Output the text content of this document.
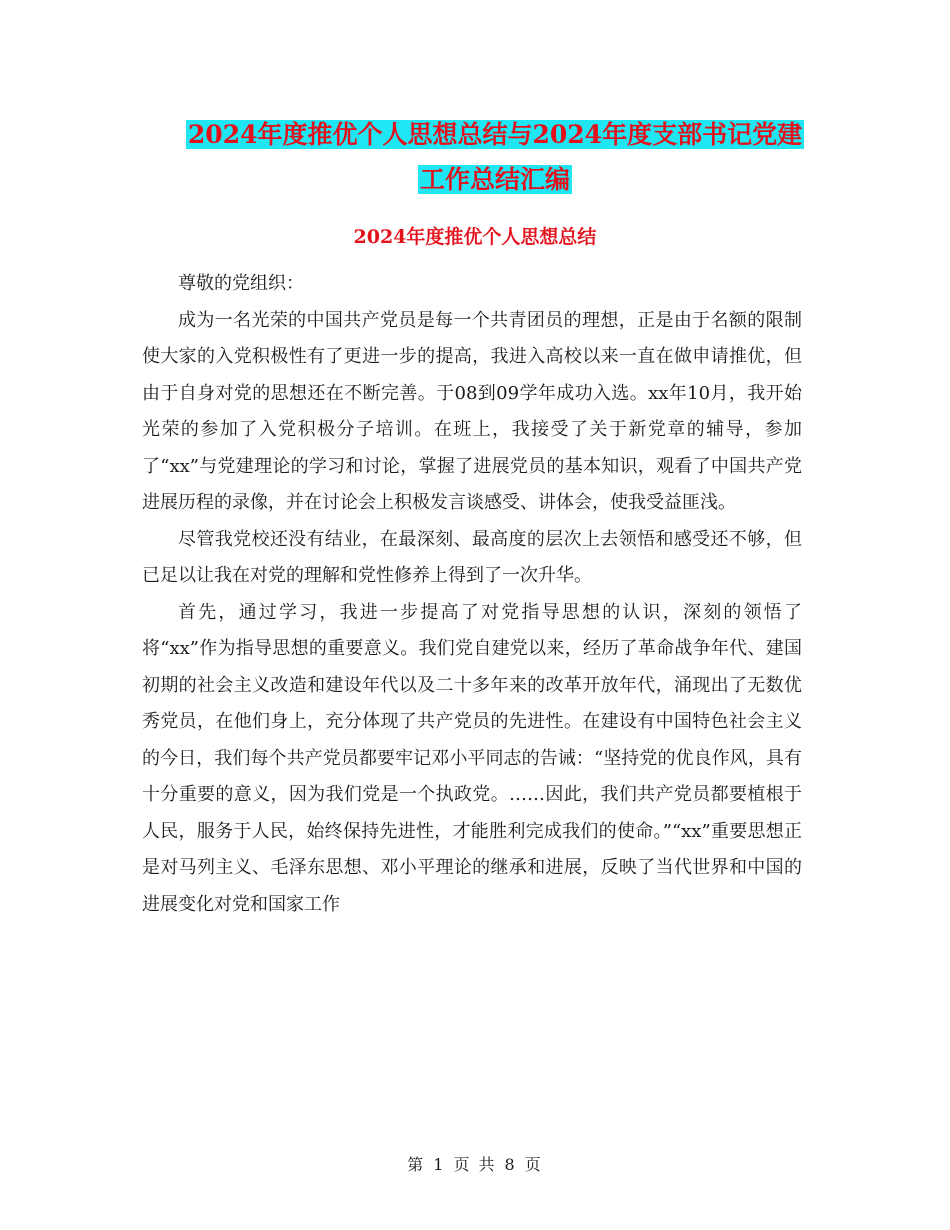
2024年度推优个人思想总结与2024年度支部书记党建
工作总结汇编
2024年度推优个人思想总结

尊敬的党组织：

成为一名光荣的中国共产党员是每一个共青团员的理想，正是由于名额的限制使大家的入党积极性有了更进一步的提高，我进入高校以来一直在做申请推优，但由于自身对党的思想还在不断完善。于08到09学年成功入选。xx年10月，我开始光荣的参加了入党积极分子培训。在班上，我接受了关于新党章的辅导，参加了“xx”与党建理论的学习和讨论，掌握了进展党员的基本知识，观看了中国共产党进展历程的录像，并在讨论会上积极发言谈感受、讲体会，使我受益匪浅。

尽管我党校还没有结业，在最深刻、最高度的层次上去领悟和感受还不够，但已足以让我在对党的理解和党性修养上得到了一次升华。

首先，通过学习，我进一步提高了对党指导思想的认识，深刻的领悟了将“xx”作为指导思想的重要意义。我们党自建党以来，经历了革命战争年代、建国初期的社会主义改造和建设年代以及二十多年来的改革开放年代，涌现出了无数优秀党员，在他们身上，充分体现了共产党员的先进性。在建设有中国特色社会主义的今日，我们每个共产党员都要牢记邓小平同志的告诫：“坚持党的优良作风，具有十分重要的意义，因为我们党是一个执政党。……因此，我们共产党员都要植根于人民，服务于人民，始终保持先进性，才能胜利完成我们的使命。”“xx”重要思想正是对马列主义、毛泽东思想、邓小平理论的继承和进展，反映了当代世界和中国的进展变化对党和国家工作

第 1 页 共 8 页
